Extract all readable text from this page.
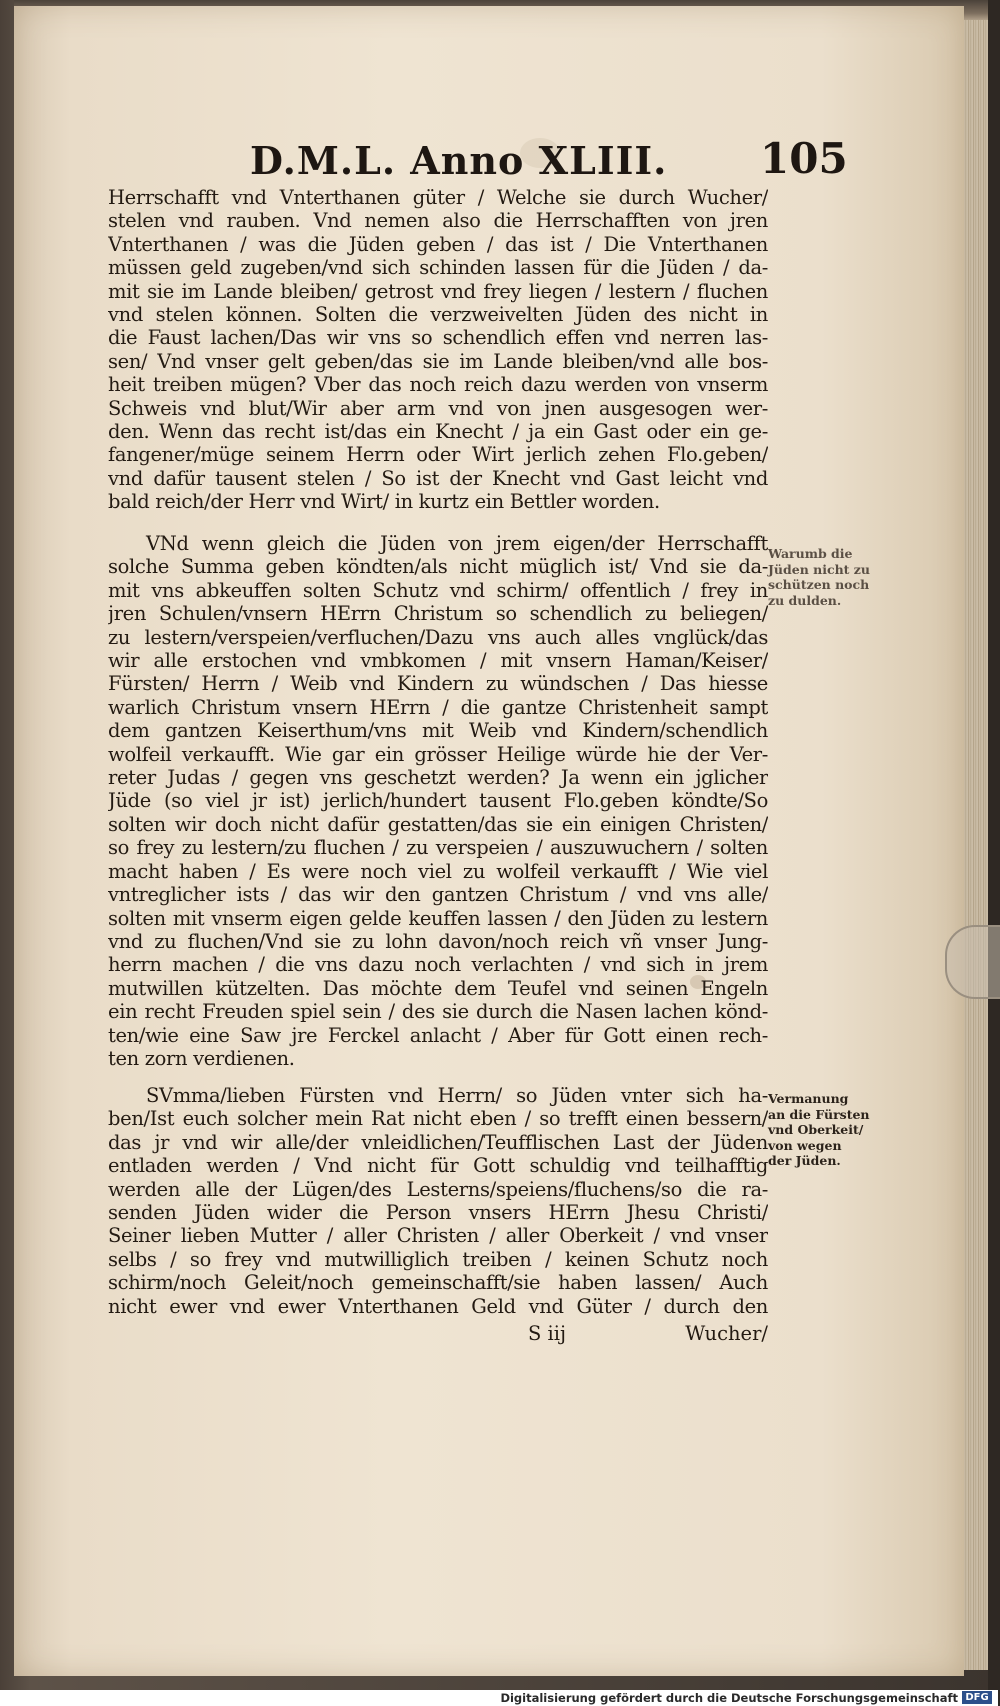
D.M.L. Anno XLIII. 105
Herrschafft vnd Vnterthanen güter / Welche sie durch Wucher/
stelen vnd rauben. Vnd nemen also die Herrschafften von jren
Vnterthanen / was die Jüden geben / das ist / Die Vnterthanen
müssen geld zugeben/vnd sich schinden lassen für die Jüden / da-
mit sie im Lande bleiben/ getrost vnd frey liegen / lestern / fluchen
vnd stelen können. Solten die verzweivelten Jüden des nicht in
die Faust lachen/Das wir vns so schendlich effen vnd nerren las-
sen/ Vnd vnser gelt geben/das sie im Lande bleiben/vnd alle bos-
heit treiben mügen? Vber das noch reich dazu werden von vnserm
Schweis vnd blut/Wir aber arm vnd von jnen ausgesogen wer-
den. Wenn das recht ist/das ein Knecht / ja ein Gast oder ein ge-
fangener/müge seinem Herrn oder Wirt jerlich zehen Flo.geben/
vnd dafür tausent stelen / So ist der Knecht vnd Gast leicht vnd
bald reich/der Herr vnd Wirt/ in kurtz ein Bettler worden.
VNd wenn gleich die Jüden von jrem eigen/der Herrschafft
solche Summa geben köndten/als nicht müglich ist/ Vnd sie da-
mit vns abkeuffen solten Schutz vnd schirm/ offentlich / frey in
jren Schulen/vnsern HErrn Christum so schendlich zu beliegen/
zu lestern/verspeien/verfluchen/Dazu vns auch alles vnglück/das
wir alle erstochen vnd vmbkomen / mit vnsern Haman/Keiser/
Fürsten/ Herrn / Weib vnd Kindern zu wündschen / Das hiesse
warlich Christum vnsern HErrn / die gantze Christenheit sampt
dem gantzen Keiserthum/vns mit Weib vnd Kindern/schendlich
wolfeil verkaufft. Wie gar ein grösser Heilige würde hie der Ver-
reter Judas / gegen vns geschetzt werden? Ja wenn ein jglicher
Jüde (so viel jr ist) jerlich/hundert tausent Flo.geben köndte/So
solten wir doch nicht dafür gestatten/das sie ein einigen Christen/
so frey zu lestern/zu fluchen / zu verspeien / auszuwuchern / solten
macht haben / Es were noch viel zu wolfeil verkaufft / Wie viel
vntreglicher ists / das wir den gantzen Christum / vnd vns alle/
solten mit vnserm eigen gelde keuffen lassen / den Jüden zu lestern
vnd zu fluchen/Vnd sie zu lohn davon/noch reich vñ vnser Jung-
herrn machen / die vns dazu noch verlachten / vnd sich in jrem
mutwillen kützelten. Das möchte dem Teufel vnd seinen Engeln
ein recht Freuden spiel sein / des sie durch die Nasen lachen könd-
ten/wie eine Saw jre Ferckel anlacht / Aber für Gott einen rech-
ten zorn verdienen.
SVmma/lieben Fürsten vnd Herrn/ so Jüden vnter sich ha-
ben/Ist euch solcher mein Rat nicht eben / so trefft einen bessern/
das jr vnd wir alle/der vnleidlichen/Teufflischen Last der Jüden
entladen werden / Vnd nicht für Gott schuldig vnd teilhafftig
werden alle der Lügen/des Lesterns/speiens/fluchens/so die ra-
senden Jüden wider die Person vnsers HErrn Jhesu Christi/
Seiner lieben Mutter / aller Christen / aller Oberkeit / vnd vnser
selbs / so frey vnd mutwilliglich treiben / keinen Schutz noch
schirm/noch Geleit/noch gemeinschafft/sie haben lassen/ Auch
nicht ewer vnd ewer Vnterthanen Geld vnd Güter / durch den
Warumb die
Jüden nicht zu
schützen noch
zu dulden.
Vermanung
an die Fürsten
vnd Oberkeit/
von wegen
der Jüden.
S iij	Wucher/
Digitalisierung gefördert durch die Deutsche Forschungsgemeinschaft DFG
